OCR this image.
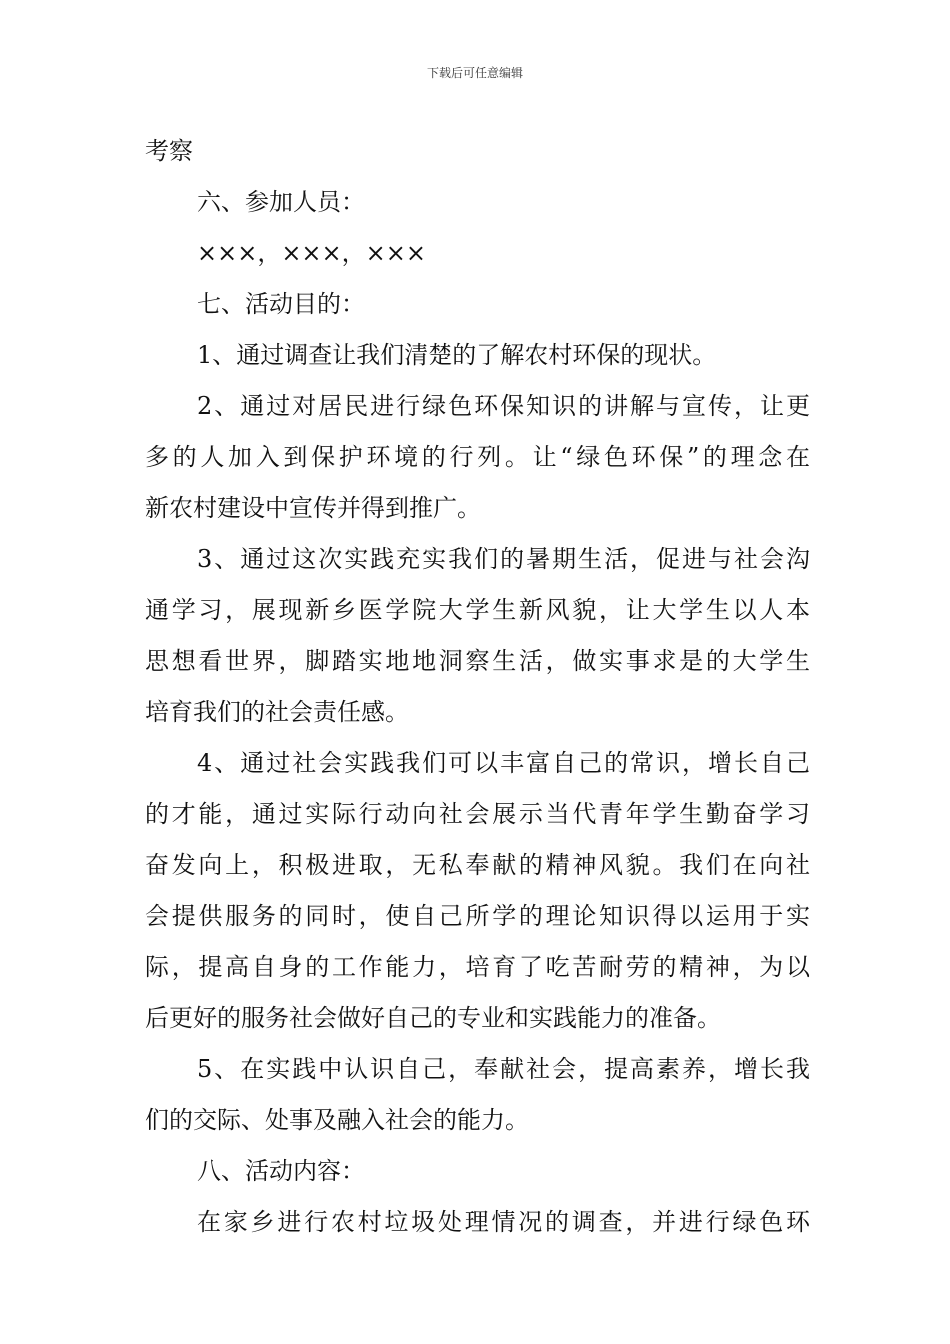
下载后可任意编辑
考察
六、参加人员：
×××，×××，×××
七、活动目的：
1、通过调查让我们清楚的了解农村环保的现状。
2、通过对居民进行绿色环保知识的讲解与宣传，让更
多的人加入到保护环境的行列。让“绿色环保”的理念在
新农村建设中宣传并得到推广。
3、通过这次实践充实我们的暑期生活，促进与社会沟
通学习，展现新乡医学院大学生新风貌，让大学生以人本
思想看世界，脚踏实地地洞察生活，做实事求是的大学生
培育我们的社会责任感。
4、通过社会实践我们可以丰富自己的常识，增长自己
的才能，通过实际行动向社会展示当代青年学生勤奋学习
奋发向上，积极进取，无私奉献的精神风貌。我们在向社
会提供服务的同时，使自己所学的理论知识得以运用于实
际，提高自身的工作能力，培育了吃苦耐劳的精神，为以
后更好的服务社会做好自己的专业和实践能力的准备。
5、在实践中认识自己，奉献社会，提高素养，增长我
们的交际、处事及融入社会的能力。
八、活动内容：
在家乡进行农村垃圾处理情况的调查，并进行绿色环
